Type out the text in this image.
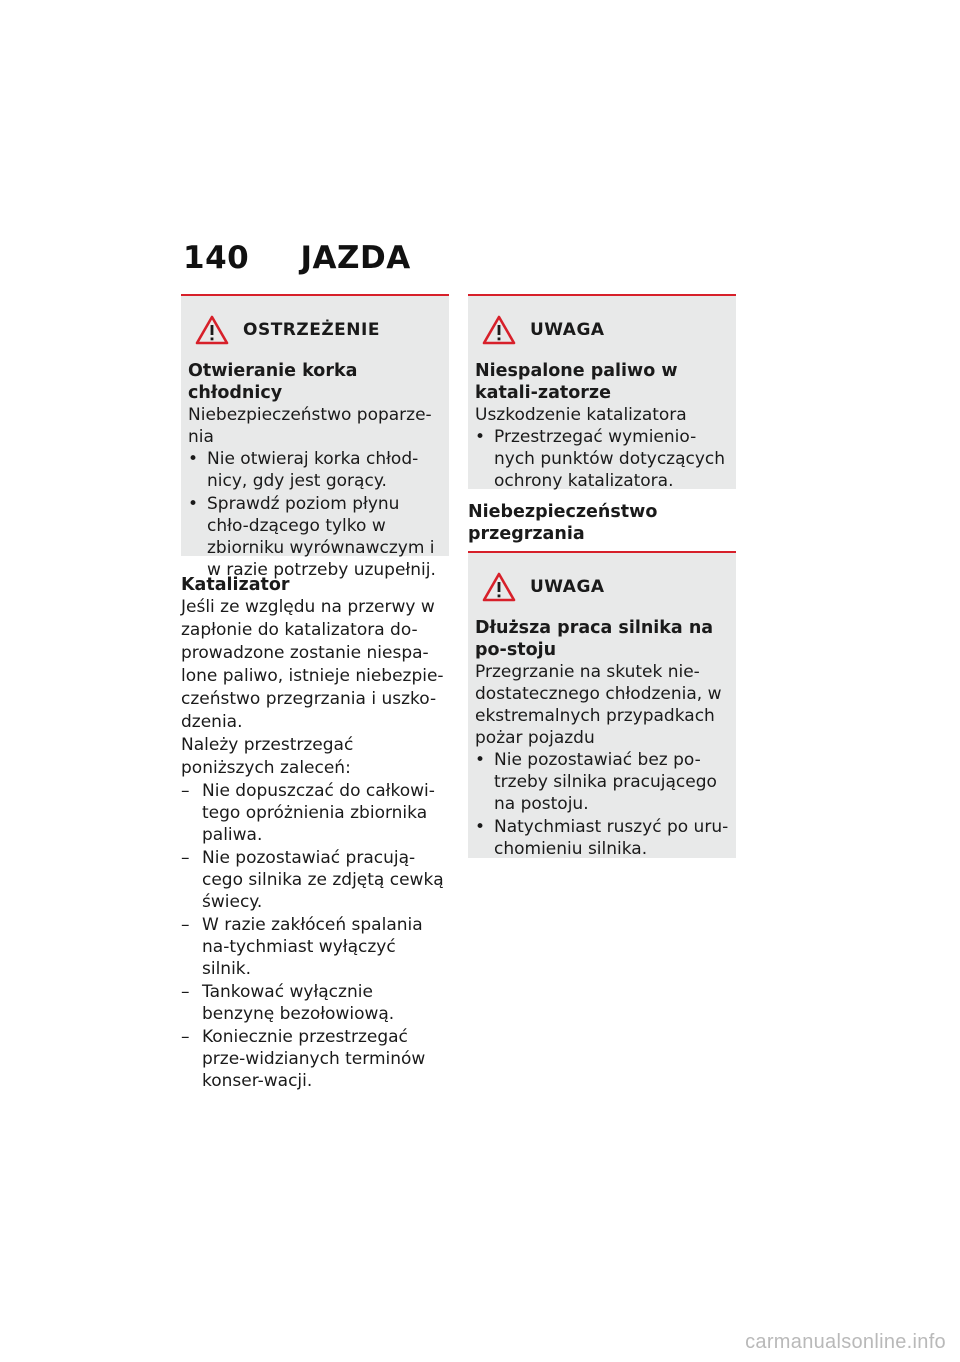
140 JAZDA
OSTRZEŻENIE
Otwieranie korka chłodnicy
Niebezpieczeństwo poparze-nia
• Nie otwieraj korka chłod-nicy, gdy jest gorący.
• Sprawdź poziom płynu chło-dzącego tylko w zbiorniku wyrównawczym i w razie potrzeby uzupełnij.
Katalizator
Jeśli ze względu na przerwy w zapłonie do katalizatora do-prowadzone zostanie niespa-lone paliwo, istnieje niebezpie-czeństwo przegrzania i uszko-dzenia.
Należy przestrzegać poniższych zaleceń:
– Nie dopuszczać do całkowi-tego opróżnienia zbiornika paliwa.
– Nie pozostawiać pracują-cego silnika ze zdjętą cewką świecy.
– W razie zakłóceń spalania na-tychmiast wyłączyć silnik.
– Tankować wyłącznie benzynę bezołowiową.
– Koniecznie przestrzegać prze-widzianych terminów konser-wacji.
UWAGA
Niespalone paliwo w katali-zatorze
Uszkodzenie katalizatora
• Przestrzegać wymienio-nych punktów dotyczących ochrony katalizatora.
Niebezpieczeństwo przegrzania
UWAGA
Dłuższa praca silnika na po-stoju
Przegrzanie na skutek nie-dostatecznego chłodzenia, w ekstremalnych przypadkach pożar pojazdu
• Nie pozostawiać bez po-trzeby silnika pracującego na postoju.
• Natychmiast ruszyć po uru-chomieniu silnika.
carmanualsonline.info
